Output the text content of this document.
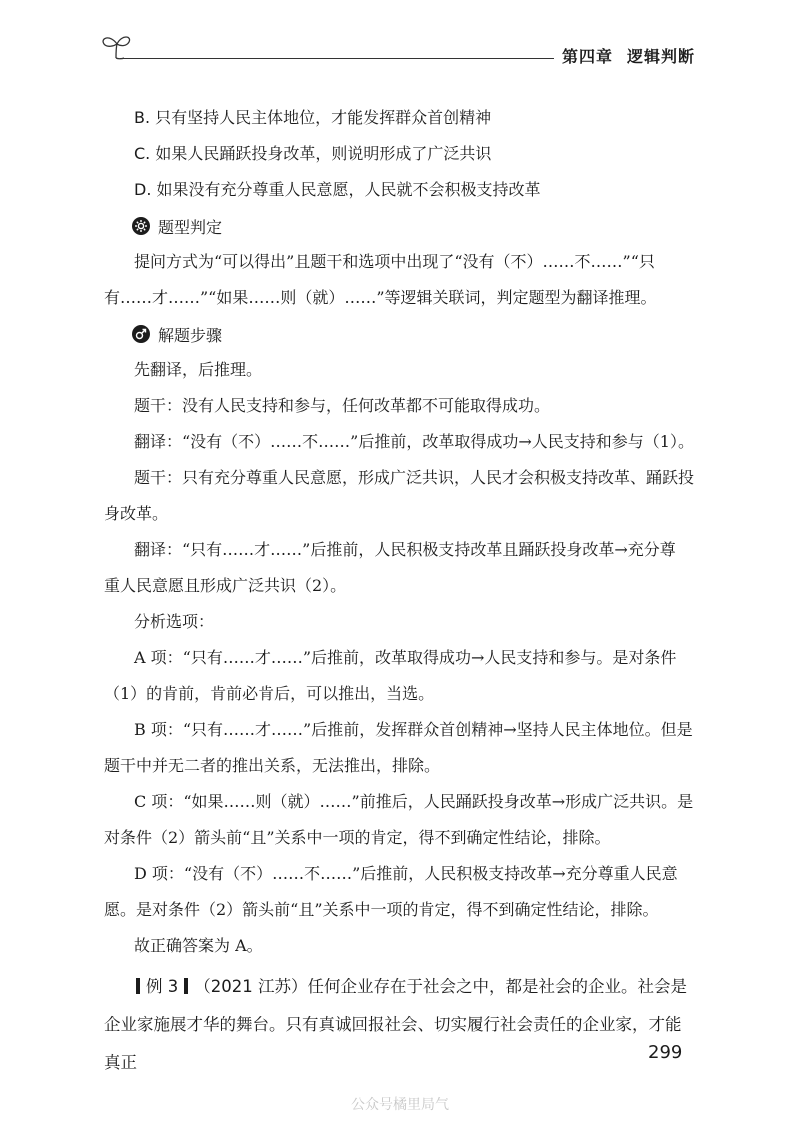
第四章 逻辑判断

B. 只有坚持人民主体地位，才能发挥群众首创精神

C. 如果人民踊跃投身改革，则说明形成了广泛共识

D. 如果没有充分尊重人民意愿，人民就不会积极支持改革

题型判定

提问方式为“可以得出”且题干和选项中出现了“没有（不）……不……”“只

有……才……”“如果……则（就）……”等逻辑关联词，判定题型为翻译推理。

解题步骤

先翻译，后推理。

题干：没有人民支持和参与，任何改革都不可能取得成功。

翻译：“没有（不）……不……”后推前，改革取得成功→人民支持和参与（1）。

题干：只有充分尊重人民意愿，形成广泛共识，人民才会积极支持改革、踊跃投

身改革。

翻译：“只有……才……”后推前，人民积极支持改革且踊跃投身改革→充分尊

重人民意愿且形成广泛共识（2）。

分析选项：

A 项：“只有……才……”后推前，改革取得成功→人民支持和参与。是对条件

（1）的肯前，肯前必肯后，可以推出，当选。

B 项：“只有……才……”后推前，发挥群众首创精神→坚持人民主体地位。但是

题干中并无二者的推出关系，无法推出，排除。

C 项：“如果……则（就）……”前推后，人民踊跃投身改革→形成广泛共识。是

对条件（2）箭头前“且”关系中一项的肯定，得不到确定性结论，排除。

D 项：“没有（不）……不……”后推前，人民积极支持改革→充分尊重人民意

愿。是对条件（2）箭头前“且”关系中一项的肯定，得不到确定性结论，排除。

故正确答案为 A。

例 3 （2021 江苏）任何企业存在于社会之中，都是社会的企业。社会是

企业家施展才华的舞台。只有真诚回报社会、切实履行社会责任的企业家，才能真正	299
公众号橘里局气
